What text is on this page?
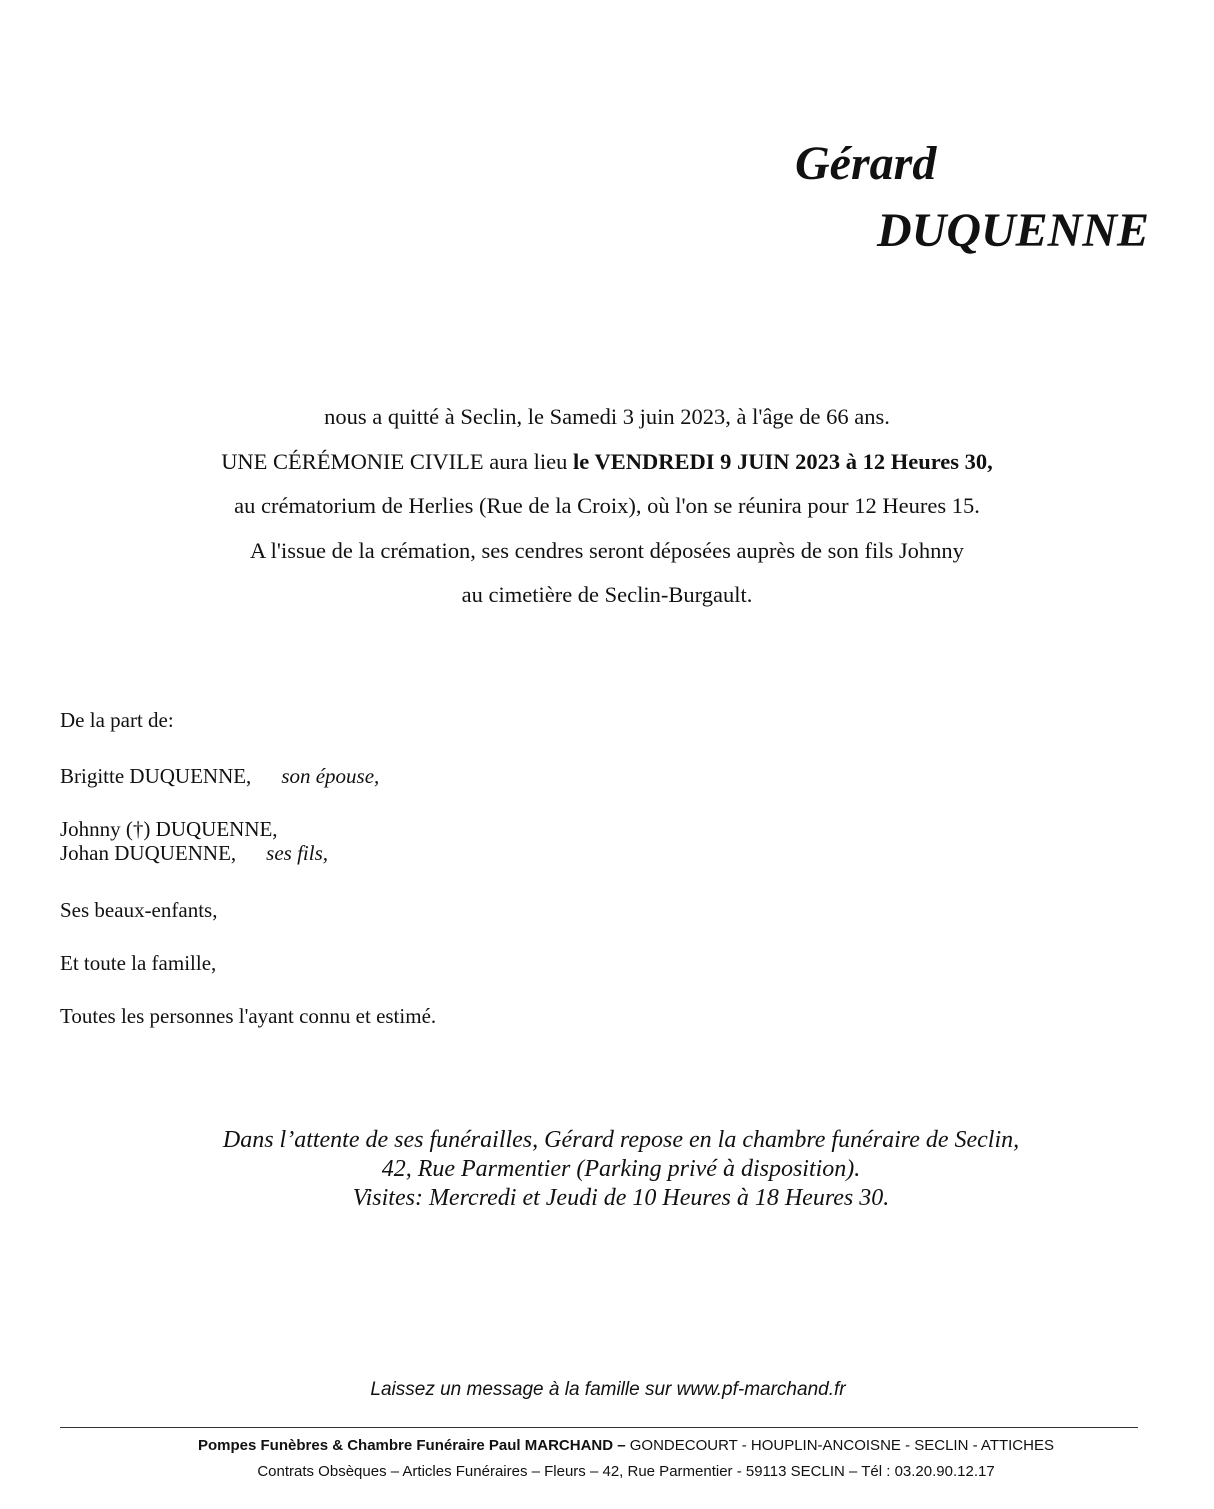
Gérard
DUQUENNE

nous a quitté à Seclin, le Samedi 3 juin 2023, à l'âge de 66 ans.

UNE CÉRÉMONIE CIVILE aura lieu le VENDREDI 9 JUIN 2023 à 12 Heures 30,

au crématorium de Herlies (Rue de la Croix), où l'on se réunira pour 12 Heures 15.

A l'issue de la crémation, ses cendres seront déposées auprès de son fils Johnny

au cimetière de Seclin-Burgault.

De la part de:
Brigitte DUQUENNE, son épouse,
Johnny (†) DUQUENNE,
Johan DUQUENNE, ses fils,
Ses beaux-enfants,
Et toute la famille,
Toutes les personnes l'ayant connu et estimé.

Dans l’attente de ses funérailles, Gérard repose en la chambre funéraire de Seclin,

42, Rue Parmentier (Parking privé à disposition).

Visites: Mercredi et Jeudi de 10 Heures à 18 Heures 30.

Laissez un message à la famille sur www.pf-marchand.fr
Pompes Funèbres & Chambre Funéraire Paul MARCHAND – GONDECOURT - HOUPLIN-ANCOISNE - SECLIN - ATTICHES
Contrats Obsèques – Articles Funéraires – Fleurs – 42, Rue Parmentier - 59113 SECLIN – Tél : 03.20.90.12.17
